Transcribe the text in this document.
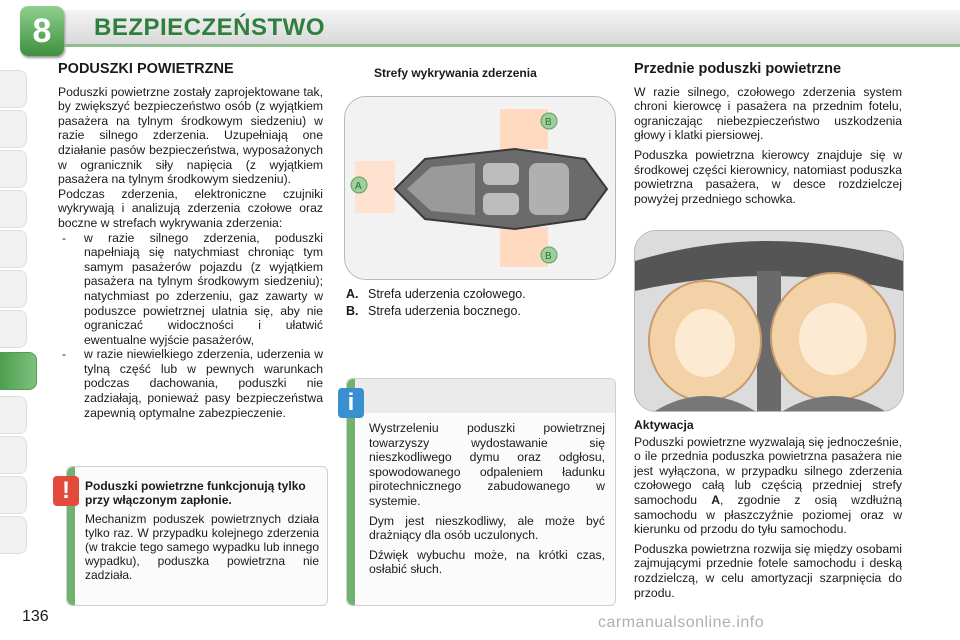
8	BEZPIECZEŃSTWO
PODUSZKI POWIETRZNE

Poduszki powietrzne zostały zaprojektowane tak, by zwiększyć bezpieczeństwo osób (z wyjątkiem pasażera na tylnym środkowym siedzeniu) w razie silnego zderzenia. Uzupełniają one działanie pasów bezpieczeństwa, wyposażonych w ogranicznik siły napięcia (z wyjątkiem pasażera na tylnym środkowym siedzeniu).

Podczas zderzenia, elektroniczne czujniki wykrywają i analizują zderzenia czołowe oraz boczne w strefach wykrywania zderzenia:

- w razie silnego zderzenia, poduszki napełniają się natychmiast chroniąc tym samym pasażerów pojazdu (z wyjątkiem pasażera na tylnym środkowym siedzeniu); natychmiast po zderzeniu, gaz zawarty w poduszce powietrznej ulatnia się, aby nie ograniczać widoczności i ułatwić ewentualne wyjście pasażerów,
- w razie niewielkiego zderzenia, uderzenia w tylną część lub w pewnych warunkach podczas dachowania, poduszki nie zadziałają, ponieważ pasy bezpieczeństwa zapewnią optymalne zabezpieczenie.

Poduszki powietrzne funkcjonują tylko przy włączonym zapłonie.

Mechanizm poduszek powietrznych działa tylko raz. W przypadku kolejnego zderzenia (w trakcie tego samego wypadku lub innego wypadku), poduszka powietrzna nie zadziała.

!
Strefy wykrywania zderzenia
B
A
B
A. Strefa uderzenia czołowego.
B. Strefa uderzenia bocznego.

Wystrzeleniu poduszki powietrznej towarzyszy wydostawanie się nieszkodliwego dymu oraz odgłosu, spowodowanego odpaleniem ładunku pirotechnicznego zabudowanego w systemie.

Dym jest nieszkodliwy, ale może być drażniący dla osób uczulonych.

Dźwięk wybuchu może, na krótki czas, osłabić słuch.

i
Przednie poduszki powietrzne

W razie silnego, czołowego zderzenia system chroni kierowcę i pasażera na przednim fotelu, ograniczając niebezpieczeństwo uszkodzenia głowy i klatki piersiowej.

Poduszka powietrzna kierowcy znajduje się w środkowej części kierownicy, natomiast poduszka powietrzna pasażera, w desce rozdzielczej powyżej przedniego schowka.

Aktywacja

Poduszki powietrzne wyzwalają się jednocześnie, o ile przednia poduszka powietrzna pasażera nie jest wyłączona, w przypadku silnego zderzenia czołowego całą lub częścią przedniej strefy samochodu A, zgodnie z osią wzdłużną samochodu w płaszczyźnie poziomej oraz w kierunku od przodu do tyłu samochodu.

Poduszka powietrzna rozwija się między osobami zajmującymi przednie fotele samochodu i deską rozdzielczą, w celu amortyzacji szarpnięcia do przodu.

136	carmanualsonline.info
